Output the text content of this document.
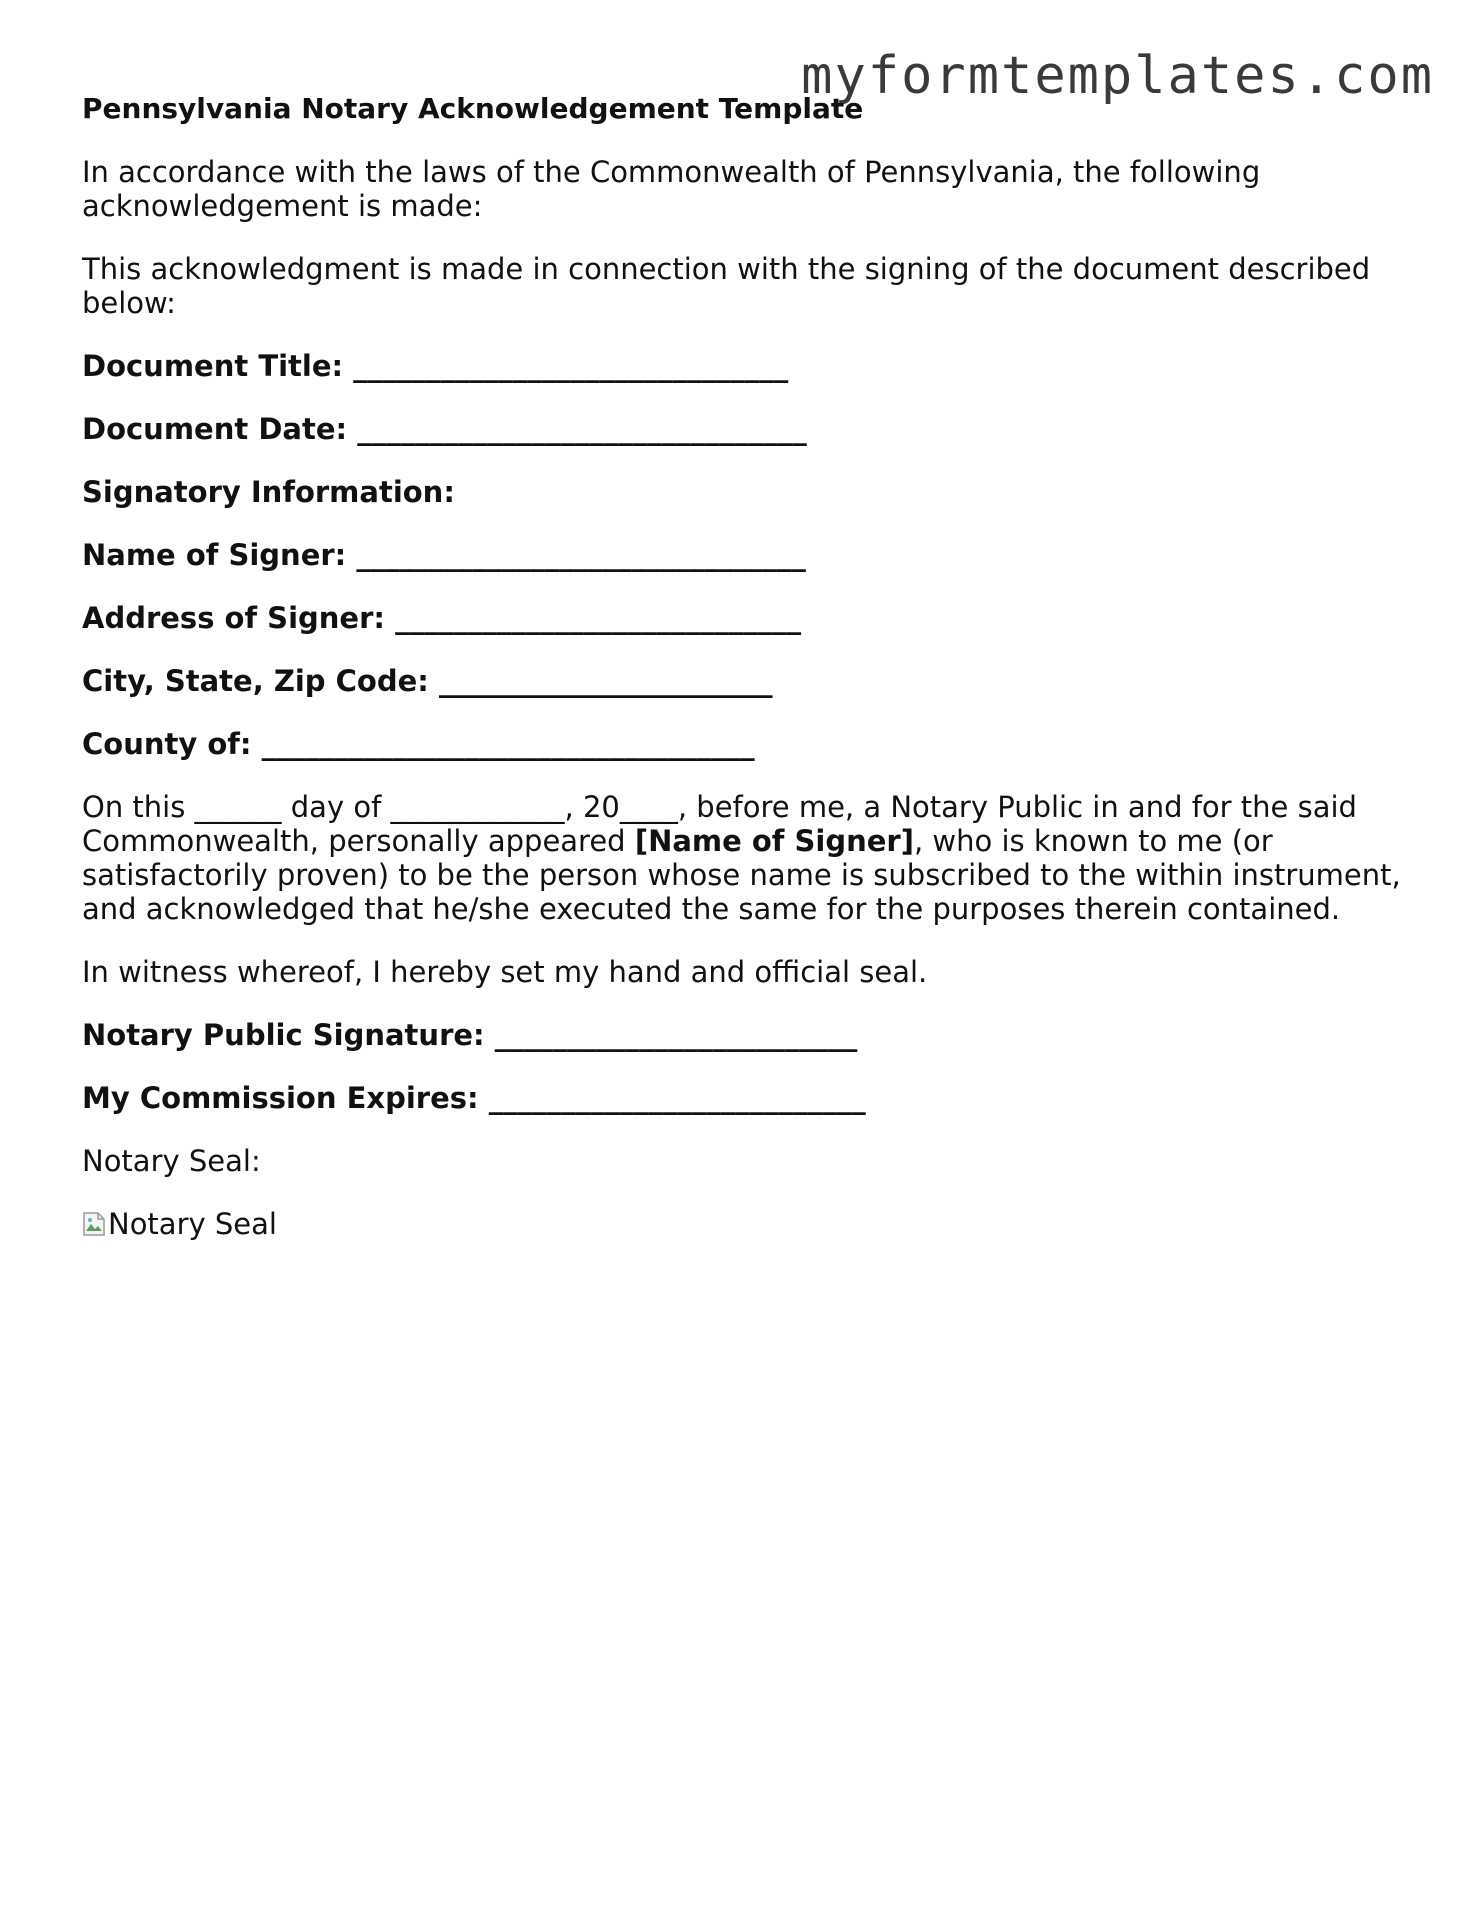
myformtemplates.com
Pennsylvania Notary Acknowledgement Template

In accordance with the laws of the Commonwealth of Pennsylvania, the following acknowledgement is made:

This acknowledgment is made in connection with the signing of the document described below:

Document Title: ______________________________
Document Date: _______________________________
Signatory Information:
Name of Signer: _______________________________
Address of Signer: ____________________________
City, State, Zip Code: _______________________
County of: __________________________________

On this ______ day of ____________, 20____, before me, a Notary Public in and for the said Commonwealth, personally appeared [Name of Signer], who is known to me (or satisfactorily proven) to be the person whose name is subscribed to the within instrument, and acknowledged that he/she executed the same for the purposes therein contained.

In witness whereof, I hereby set my hand and official seal.

Notary Public Signature: _________________________
My Commission Expires: __________________________

Notary Seal:

Notary Seal
